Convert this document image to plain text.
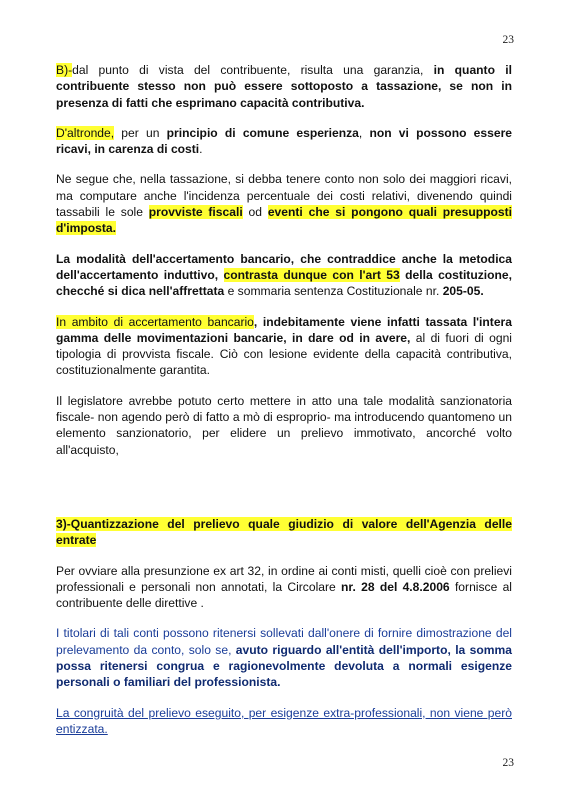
23

B)-dal punto di vista del contribuente, risulta una garanzia, in quanto il contribuente stesso non può essere sottoposto a tassazione, se non in presenza di fatti che esprimano capacità contributiva.

D'altronde, per un principio di comune esperienza, non vi possono essere ricavi, in carenza di costi.

Ne segue che, nella tassazione, si debba tenere conto non solo dei maggiori ricavi, ma computare anche l'incidenza percentuale dei costi relativi, divenendo quindi tassabili le sole provviste fiscali od eventi che si pongono quali presupposti d'imposta.

La modalità dell'accertamento bancario, che contraddice anche la metodica dell'accertamento induttivo, contrasta dunque con l'art 53 della costituzione, checché si dica nell'affrettata e sommaria sentenza Costituzionale nr. 205-05.

In ambito di accertamento bancario, indebitamente viene infatti tassata l'intera gamma delle movimentazioni bancarie, in dare od in avere, al di fuori di ogni tipologia di provvista fiscale. Ciò con lesione evidente della capacità contributiva, costituzionalmente garantita.

Il legislatore avrebbe potuto certo mettere in atto una tale modalità sanzionatoria fiscale- non agendo però di fatto a mò di esproprio- ma introducendo quantomeno un elemento sanzionatorio, per elidere un prelievo immotivato, ancorché volto all'acquisto,

3)-Quantizzazione del prelievo quale giudizio di valore dell'Agenzia delle entrate

Per ovviare alla presunzione ex art 32, in ordine ai conti misti, quelli cioè con prelievi professionali e personali non annotati, la Circolare nr. 28 del 4.8.2006 fornisce al contribuente delle direttive .

I titolari di tali conti possono ritenersi sollevati dall'onere di fornire dimostrazione del prelevamento da conto, solo se, avuto riguardo all'entità dell'importo, la somma possa ritenersi congrua e ragionevolmente devoluta a normali esigenze personali o familiari del professionista.

La congruità del prelievo eseguito, per esigenze extra-professionali, non viene però entizzata.

23
